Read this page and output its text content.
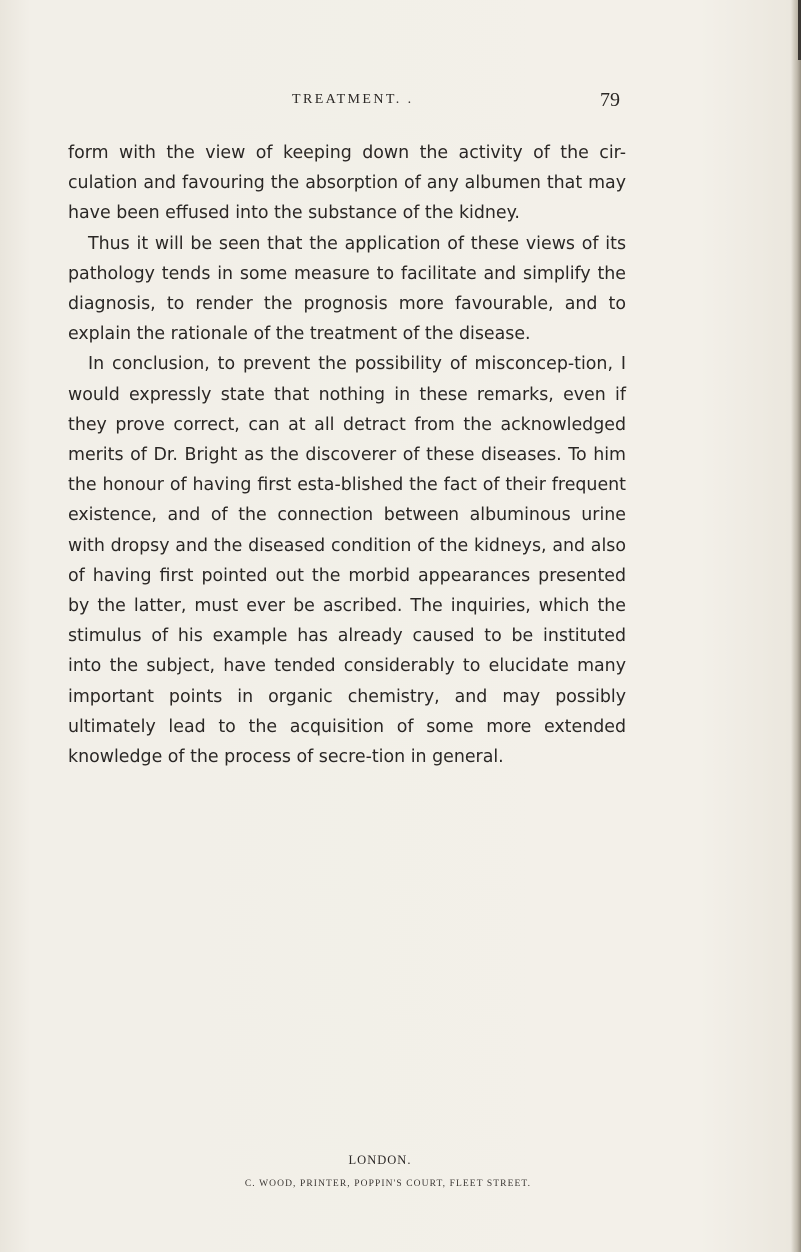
TREATMENT. .	79

form with the view of keeping down the activity of the cir-culation and favouring the absorption of any albumen that may have been effused into the substance of the kidney.

Thus it will be seen that the application of these views of its pathology tends in some measure to facilitate and simplify the diagnosis, to render the prognosis more favourable, and to explain the rationale of the treatment of the disease.

In conclusion, to prevent the possibility of misconcep-tion, I would expressly state that nothing in these remarks, even if they prove correct, can at all detract from the acknowledged merits of Dr. Bright as the discoverer of these diseases. To him the honour of having first esta-blished the fact of their frequent existence, and of the connection between albuminous urine with dropsy and the diseased condition of the kidneys, and also of having first pointed out the morbid appearances presented by the latter, must ever be ascribed. The inquiries, which the stimulus of his example has already caused to be instituted into the subject, have tended considerably to elucidate many important points in organic chemistry, and may possibly ultimately lead to the acquisition of some more extended knowledge of the process of secre-tion in general.

LONDON.
C. WOOD, PRINTER, POPPIN'S COURT, FLEET STREET.
